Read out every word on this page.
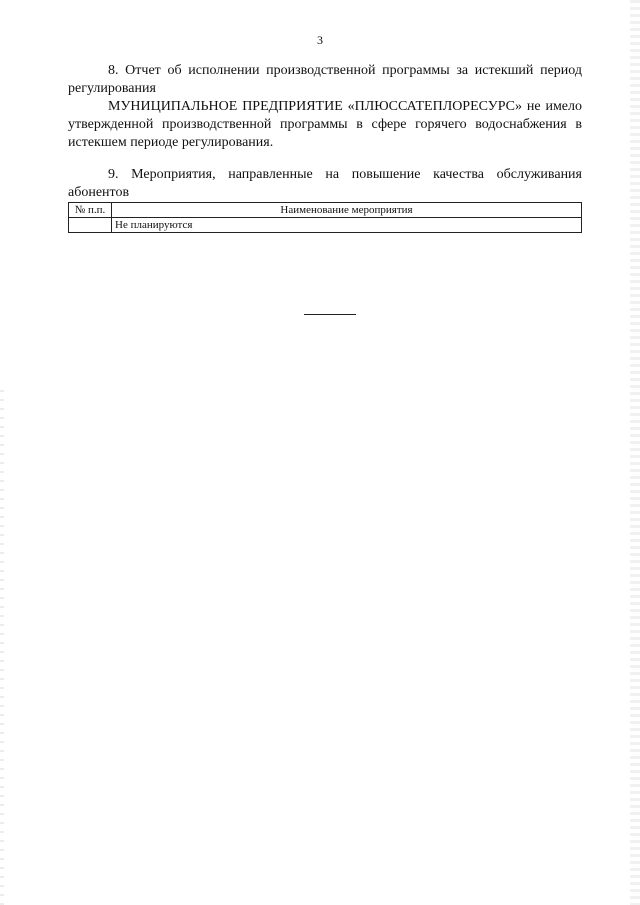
3

8. Отчет об исполнении производственной программы за истекший период регулирования

МУНИЦИПАЛЬНОЕ ПРЕДПРИЯТИЕ «ПЛЮССАТЕПЛОРЕСУРС» не имело утвержденной производственной программы в сфере горячего водоснабжения в истекшем периоде регулирования.

9. Мероприятия, направленные на повышение качества обслуживания абонентов

№ п.п.	Наименование мероприятия
	Не планируются
